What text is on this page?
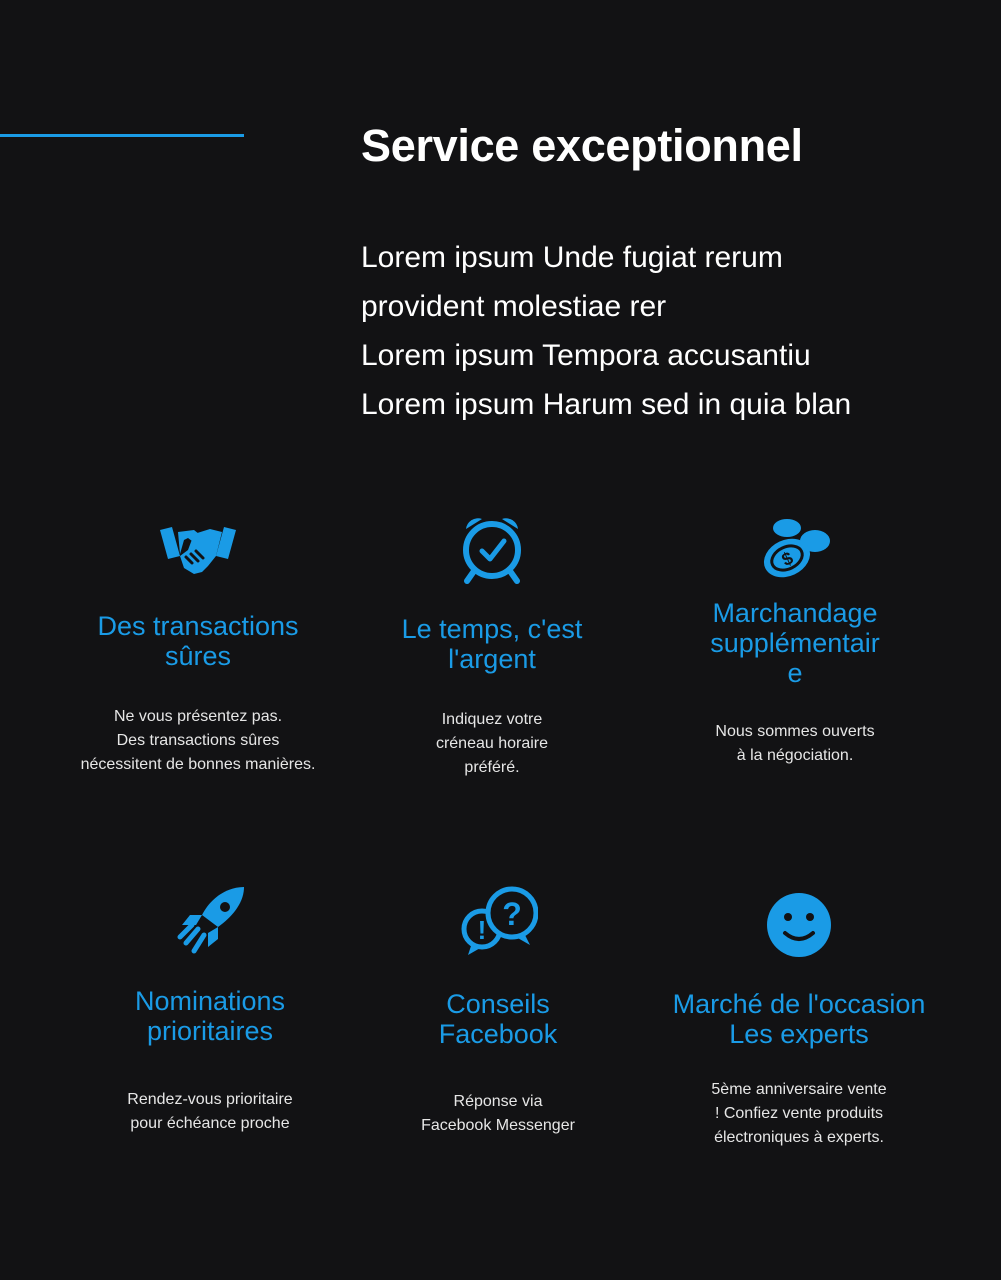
Service exceptionnel
Lorem ipsum Unde fugiat rerum
provident molestiae rer
Lorem ipsum Tempora accusantiu
Lorem ipsum Harum sed in quia blan
Des transactions
sûres

Ne vous présentez pas.
Des transactions sûres
nécessitent de bonnes manières.

Le temps, c'est
l'argent

Indiquez votre
créneau horaire
préféré.

$
Marchandage
supplémentair
e

Nous sommes ouverts
à la négociation.

Nominations
prioritaires

Rendez-vous prioritaire
pour échéance proche

! ?
Conseils
Facebook

Réponse via
Facebook Messenger

Marché de l'occasion
Les experts

5ème anniversaire vente
! Confiez vente produits
électroniques à experts.
